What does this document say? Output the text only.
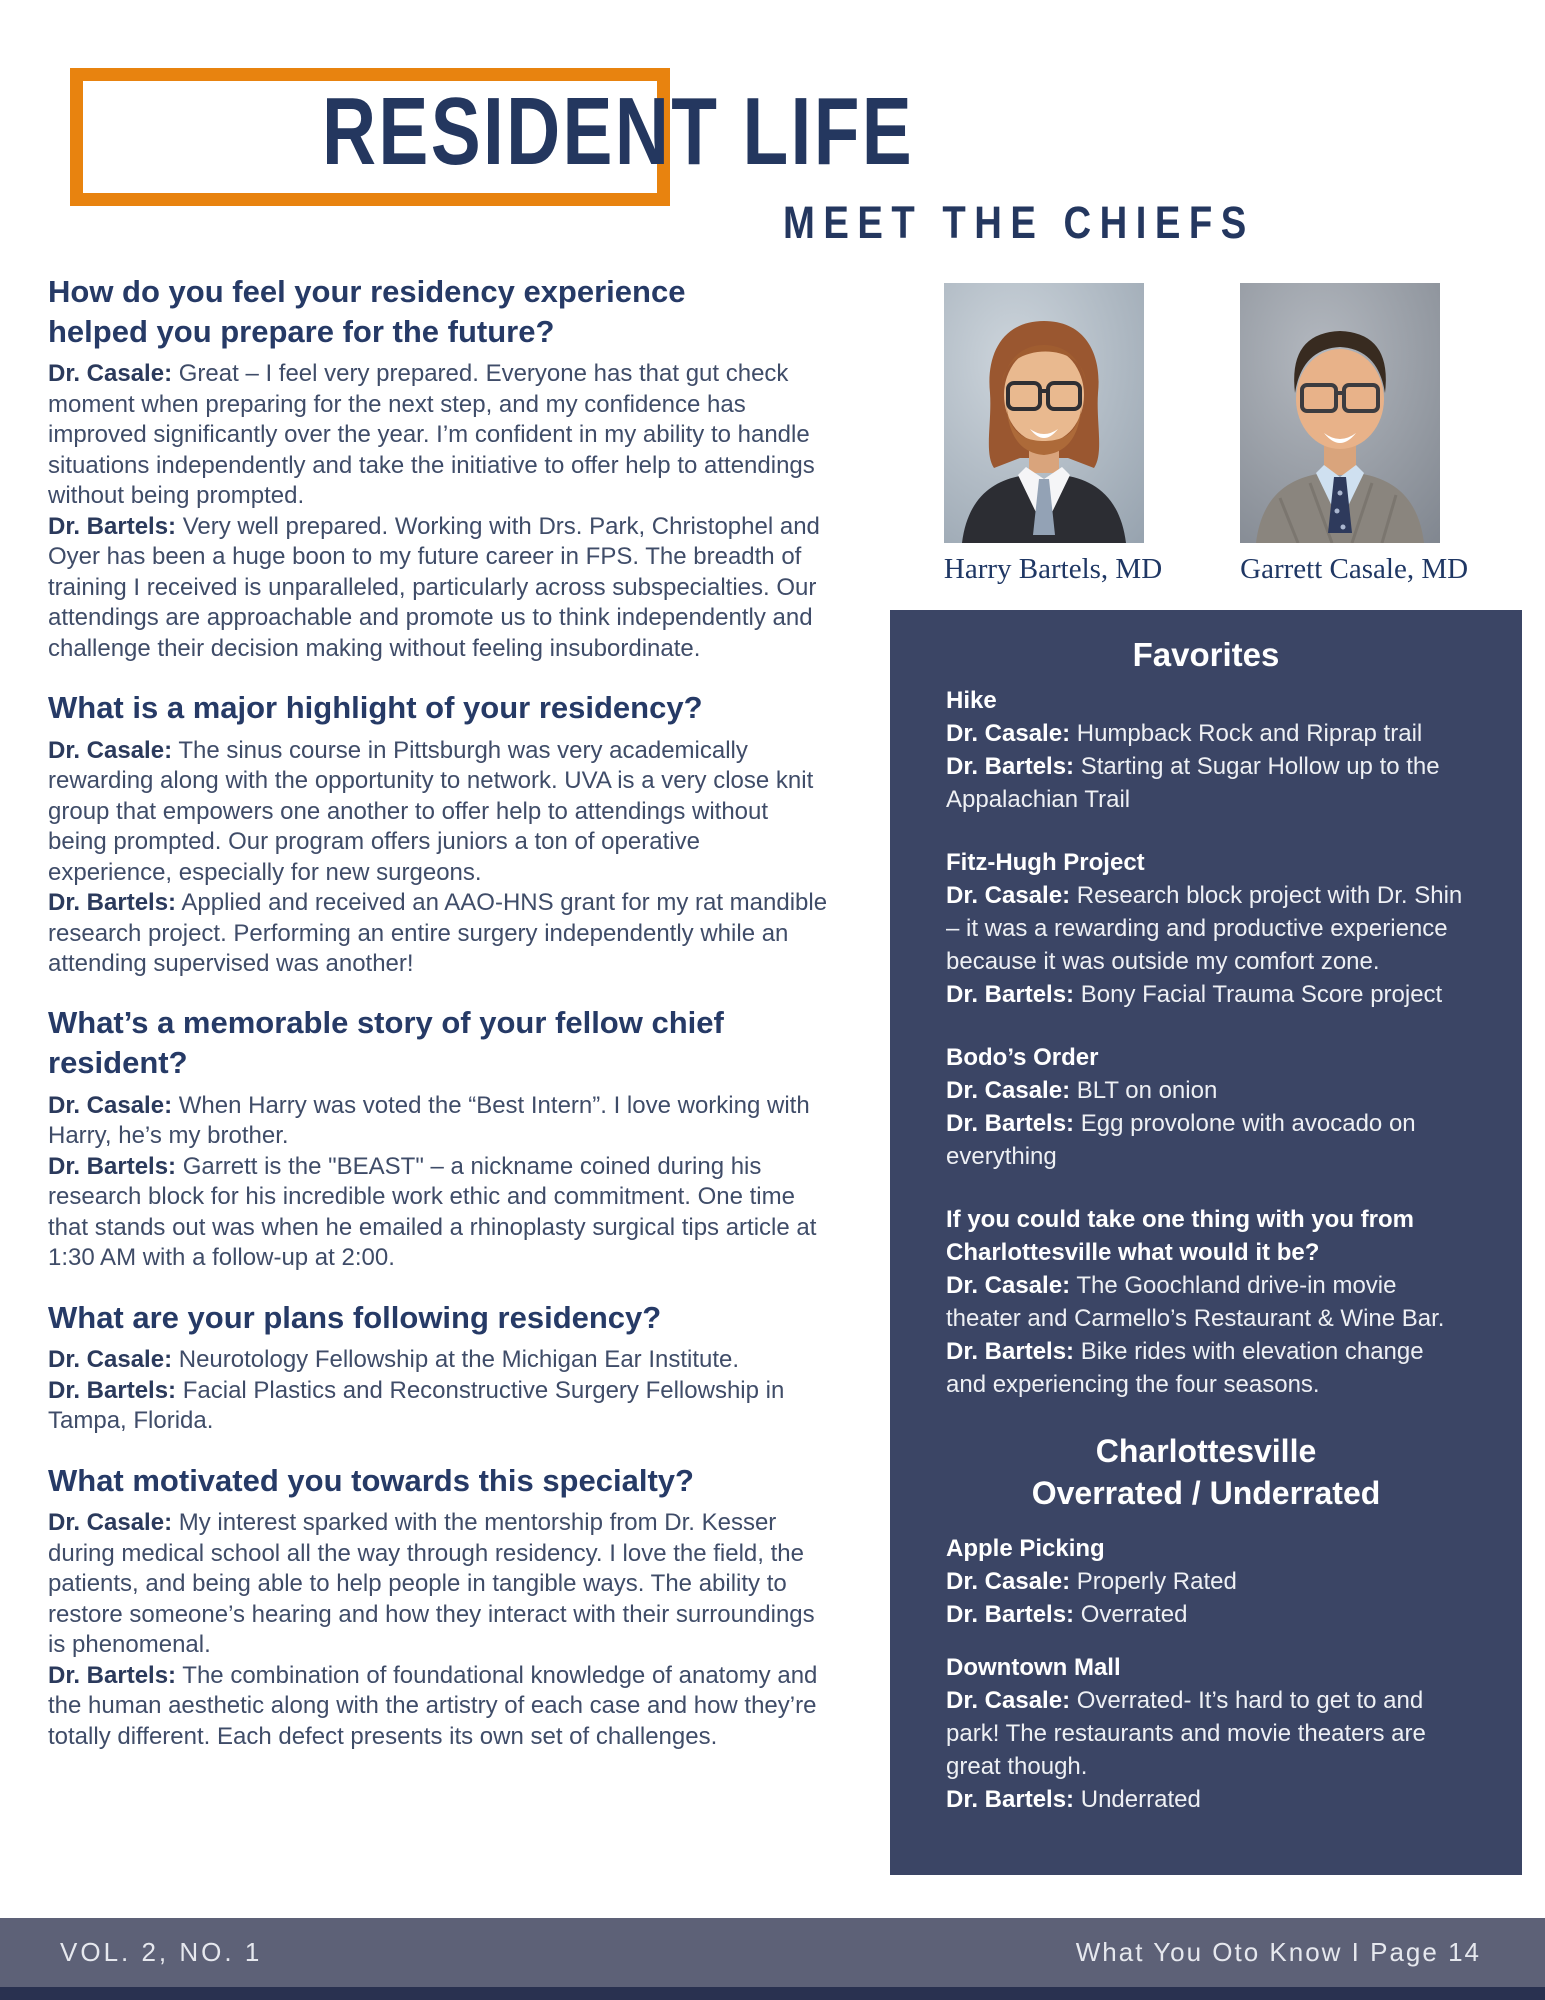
RESIDENT LIFE
MEET THE CHIEFS
How do you feel your residency experience helped you prepare for the future?

Dr. Casale: Great – I feel very prepared. Everyone has that gut check moment when preparing for the next step, and my confidence has improved significantly over the year. I’m confident in my ability to handle situations independently and take the initiative to offer help to attendings without being prompted.

Dr. Bartels: Very well prepared. Working with Drs. Park, Christophel and Oyer has been a huge boon to my future career in FPS. The breadth of training I received is unparalleled, particularly across subspecialties. Our attendings are approachable and promote us to think independently and challenge their decision making without feeling insubordinate.

What is a major highlight of your residency?

Dr. Casale: The sinus course in Pittsburgh was very academically rewarding along with the opportunity to network. UVA is a very close knit group that empowers one another to offer help to attendings without being prompted. Our program offers juniors a ton of operative experience, especially for new surgeons.

Dr. Bartels: Applied and received an AAO-HNS grant for my rat mandible research project. Performing an entire surgery independently while an attending supervised was another!

What’s a memorable story of your fellow chief resident?

Dr. Casale: When Harry was voted the “Best Intern”. I love working with Harry, he’s my brother.

Dr. Bartels: Garrett is the "BEAST" – a nickname coined during his research block for his incredible work ethic and commitment. One time that stands out was when he emailed a rhinoplasty surgical tips article at 1:30 AM with a follow-up at 2:00.

What are your plans following residency?

Dr. Casale: Neurotology Fellowship at the Michigan Ear Institute.

Dr. Bartels: Facial Plastics and Reconstructive Surgery Fellowship in Tampa, Florida.

What motivated you towards this specialty?

Dr. Casale: My interest sparked with the mentorship from Dr. Kesser during medical school all the way through residency. I love the field, the patients, and being able to help people in tangible ways. The ability to restore someone’s hearing and how they interact with their surroundings is phenomenal.

Dr. Bartels: The combination of foundational knowledge of anatomy and the human aesthetic along with the artistry of each case and how they’re totally different. Each defect presents its own set of challenges.

Harry Bartels, MD	Garrett Casale, MD
Favorites

Hike

Dr. Casale: Humpback Rock and Riprap trail

Dr. Bartels: Starting at Sugar Hollow up to the Appalachian Trail

Fitz-Hugh Project

Dr. Casale: Research block project with Dr. Shin – it was a rewarding and productive experience because it was outside my comfort zone.

Dr. Bartels: Bony Facial Trauma Score project

Bodo’s Order

Dr. Casale: BLT on onion

Dr. Bartels: Egg provolone with avocado on everything

If you could take one thing with you from Charlottesville what would it be?

Dr. Casale: The Goochland drive-in movie theater and Carmello’s Restaurant & Wine Bar.

Dr. Bartels: Bike rides with elevation change and experiencing the four seasons.

Charlottesville
Overrated / Underrated

Apple Picking

Dr. Casale: Properly Rated

Dr. Bartels: Overrated

Downtown Mall

Dr. Casale: Overrated- It’s hard to get to and park! The restaurants and movie theaters are great though.

Dr. Bartels: Underrated

VOL. 2, NO. 1	What You Oto Know I Page 14
